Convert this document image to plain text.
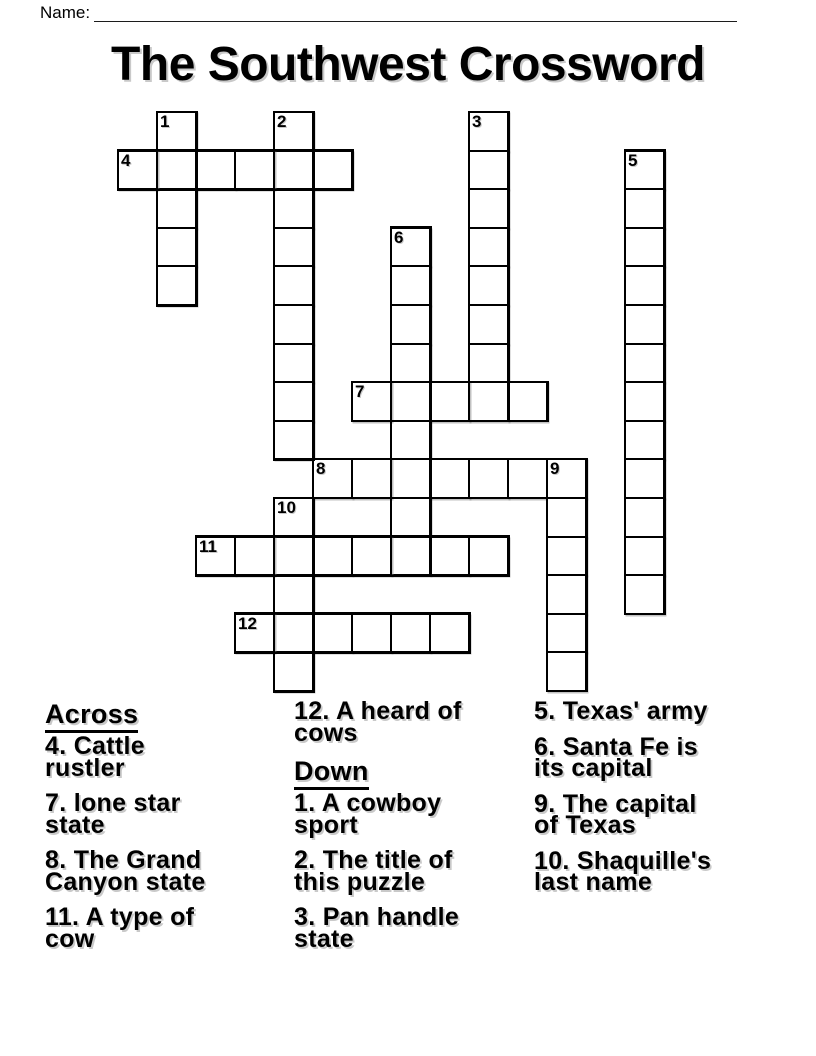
Name:
The Southwest Crossword
1	2	3
4	5
6
7
8	9
10
11
12

Across

4. Cattle
rustler

7. lone star
state

8. The Grand
Canyon state

11. A type of
cow

12. A heard of
cows

Down

1. A cowboy
sport

2. The title of
this puzzle

3. Pan handle
state

5. Texas' army

6. Santa Fe is
its capital

9. The capital
of Texas

10. Shaquille's
last name
